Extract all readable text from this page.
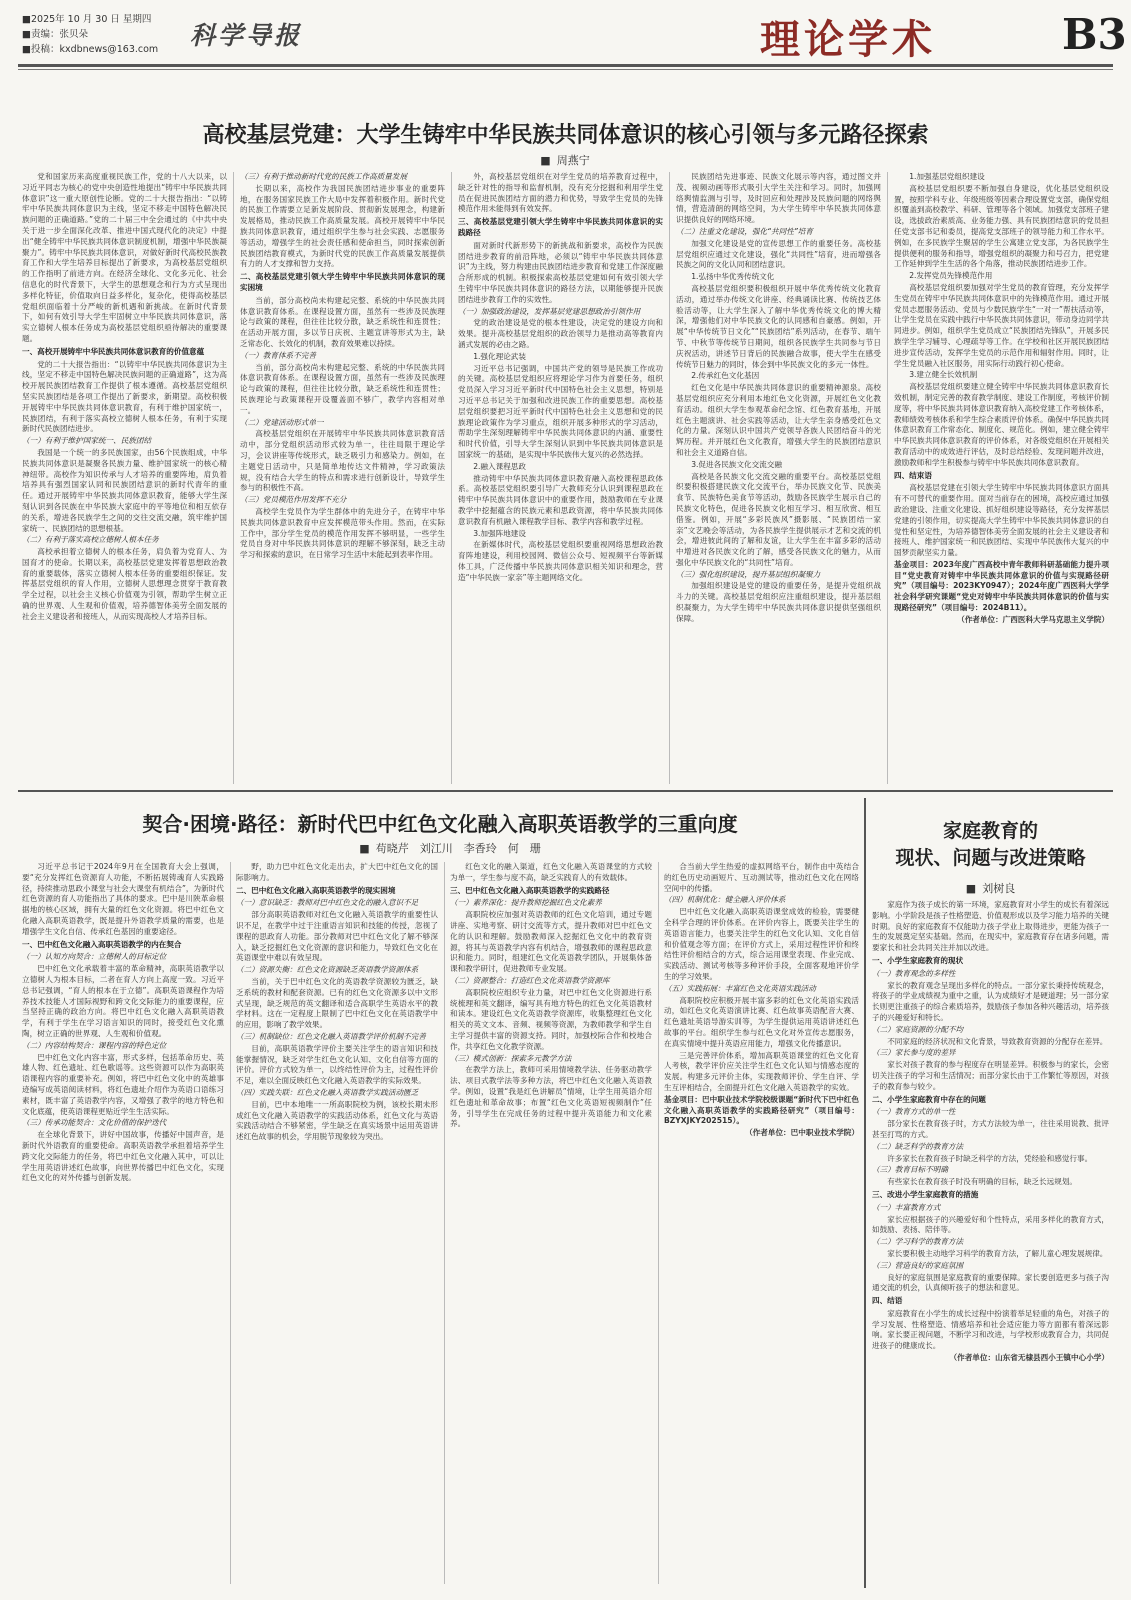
■2025年 10 月 30 日 星期四
■责编：张贝朵
■投稿：kxdbnews@163.com 科学导报	理论学术	B3
高校基层党建：大学生铸牢中华民族共同体意识的核心引领与多元路径探索
■ 周燕宁

党和国家历来高度重视民族工作，党的十八大以来，以习近平同志为核心的党中央创造性地提出“铸牢中华民族共同体意识”这一重大原创性论断。党的二十大报告指出：“以铸牢中华民族共同体意识为主线，坚定不移走中国特色解决民族问题的正确道路。”党的二十届三中全会通过的《中共中央关于进一步全面深化改革、推进中国式现代化的决定》中提出“健全铸牢中华民族共同体意识制度机制，增强中华民族凝聚力”。铸牢中华民族共同体意识，对做好新时代高校民族教育工作和大学生培养目标提出了新要求，为高校基层党组织的工作指明了前进方向。在经济全球化、文化多元化、社会信息化的时代背景下，大学生的思想观念和行为方式呈现出多样化特征，价值取向日益多样化，复杂化，使得高校基层党组织面临着十分严峻的新机遇和新挑战。在新时代背景下，如何有效引导大学生牢固树立中华民族共同体意识，落实立德树人根本任务成为高校基层党组织亟待解决的重要课题。

一、高校开展铸牢中华民族共同体意识教育的价值意蕴

党的二十大报告指出：“以铸牢中华民族共同体意识为主线，坚定不移走中国特色解决民族问题的正确道路”，这为高校开展民族团结教育工作提供了根本遵循。高校基层党组织坚实民族团结是各项工作提出了新要求，新期望。高校积极开展铸牢中华民族共同体意识教育，有利于维护国家统一，民族团结，有利于落实高校立德树人根本任务，有利于实现新时代民族团结进步。

（一）有利于维护国家统一、民族团结

我国是一个统一的多民族国家，由56个民族组成，中华民族共同体意识是凝聚各民族力量、维护国家统一的核心精神纽带。高校作为知识传承与人才培养的重要阵地，肩负着培养具有强烈国家认同和民族团结意识的新时代青年的重任。通过开展铸牢中华民族共同体意识教育，能够大学生深刻认识到各民族在中华民族大家庭中的平等地位和相互依存的关系，增进各民族学生之间的交往交流交融，筑牢维护国家统一、民族团结的思想根基。

（二）有利于落实高校立德树人根本任务

高校承担着立德树人的根本任务，肩负着为党育人、为国育才的使命。长期以来，高校基层党建发挥着思想政治教育的重要载体，落实立德树人根本任务的重要组织保证。发挥基层党组织的育人作用，立德树人思想理念贯穿于教育教学全过程，以社会主义核心价值观为引领，帮助学生树立正确的世界观、人生观和价值观，培养德智体美劳全面发展的社会主义建设者和接班人，从而实现高校人才培养目标。

（三）有利于推动新时代党的民族工作高质量发展

长期以来，高校作为我国民族团结进步事业的重要阵地，在服务国家民族工作大局中发挥着积极作用。新时代党的民族工作需要立足新发展阶段、贯彻新发展理念，构建新发展格局，推动民族工作高质量发展。高校开展铸牢中华民族共同体意识教育，通过组织学生参与社会实践、志愿服务等活动，增强学生的社会责任感和使命担当，同时探索创新民族团结教育模式，为新时代党的民族工作高质量发展提供有力的人才支撑和智力支持。

二、高校基层党建引领大学生铸牢中华民族共同体意识的现实困境

当前，部分高校尚未构建起完整、系统的中华民族共同体意识教育体系。在课程设置方面，虽然有一些涉及民族理论与政策的课程，但往往比较分散，缺乏系统性和连贯性；在活动开展方面，多以节日庆祝、主题宣讲等形式为主，缺乏常态化、长效化的机制，教育效果难以持续。

（一）教育体系不完善

当前，部分高校尚未构建起完整、系统的中华民族共同体意识教育体系。在课程设置方面，虽然有一些涉及民族理论与政策的课程，但往往比较分散，缺乏系统性和连贯性；民族理论与政策课程开设覆盖面不够广，教学内容相对单一。

（二）党建活动形式单一

高校基层党组织在开展铸牢中华民族共同体意识教育活动中，部分党组织活动形式较为单一，往往局限于理论学习，会议讲座等传统形式，缺乏吸引力和感染力。例如，在主题党日活动中，只是简单地传达文件精神，学习政策法规，没有结合大学生的特点和需求进行创新设计，导致学生参与的积极性不高。

（三）党员模范作用发挥不充分

高校学生党员作为学生群体中的先进分子，在铸牢中华民族共同体意识教育中应发挥模范带头作用。然而，在实际工作中，部分学生党员的模范作用发挥不够明显，一些学生党员自身对中华民族共同体意识的理解不够深刻，缺乏主动学习和探索的意识，在日常学习生活中未能起到表率作用。

外，高校基层党组织在对学生党员的培养教育过程中，缺乏针对性的指导和监督机制，没有充分挖掘和利用学生党员在促进民族团结方面的潜力和优势，导致学生党员的先锋模范作用未能得到有效发挥。

三、高校基层党建引领大学生铸牢中华民族共同体意识的实践路径

面对新时代新形势下的新挑战和新要求，高校作为民族团结进步教育的前沿阵地，必须以“铸牢中华民族共同体意识”为主线，努力构建由民族团结进步教育和党建工作深度融合所形成的机制。积极探索高校基层党建如何有效引领大学生铸牢中华民族共同体意识的路径方法，以期能够提升民族团结进步教育工作的实效性。

（一）加强政治建设，发挥基层党建思想政治引领作用

党的政治建设是党的根本性建设，决定党的建设方向和效果。提升高校基层党组织的政治领导力是推动高等教育内涵式发展的必由之路。

1.强化理论武装

习近平总书记强调，中国共产党的领导是民族工作成功的关键。高校基层党组织应将理论学习作为首要任务，组织党员深入学习习近平新时代中国特色社会主义思想，特别是习近平总书记关于加强和改进民族工作的重要思想。高校基层党组织要把习近平新时代中国特色社会主义思想和党的民族理论政策作为学习重点，组织开展多种形式的学习活动，帮助学生深刻理解铸牢中华民族共同体意识的内涵、重要性和时代价值，引导大学生深刻认识到中华民族共同体意识是国家统一的基础，是实现中华民族伟大复兴的必然选择。

2.融入课程思政

推动铸牢中华民族共同体意识教育融入高校课程思政体系。高校基层党组织要引导广大教师充分认识到课程思政在铸牢中华民族共同体意识中的重要作用，鼓励教师在专业课教学中挖掘蕴含的民族元素和思政资源，将中华民族共同体意识教育有机融入课程教学目标、教学内容和教学过程。

3.加强阵地建设

在新媒体时代，高校基层党组织要重视网络思想政治教育阵地建设，利用校园网、微信公众号、短视频平台等新媒体工具，广泛传播中华民族共同体意识相关知识和理念，营造“中华民族一家亲”等主题网络文化。

民族团结先进事迹、民族文化展示等内容，通过图文并茂、视频动画等形式吸引大学生关注和学习。同时，加强网络舆情监测与引导，及时回应和处理涉及民族问题的网络舆情，营造清朗的网络空间，为大学生铸牢中华民族共同体意识提供良好的网络环境。

（二）注重文化建设，强化“共同性”培育

加强文化建设是党的宣传思想工作的重要任务。高校基层党组织应通过文化建设，强化“共同性”培育，进而增强各民族之间的文化认同和团结意识。

1.弘扬中华优秀传统文化

高校基层党组织要积极组织开展中华优秀传统文化教育活动，通过举办传统文化讲座、经典诵读比赛、传统技艺体验活动等，让大学生深入了解中华优秀传统文化的博大精深，增强他们对中华民族文化的认同感和自豪感。例如，开展“中华传统节日文化”“民族团结”系列活动，在春节、端午节、中秋节等传统节日期间，组织各民族学生共同参与节日庆祝活动，讲述节日背后的民族融合故事，使大学生在感受传统节日魅力的同时，体会到中华民族文化的多元一体性。

2.传承红色文化基因

红色文化是中华民族共同体意识的重要精神源泉。高校基层党组织应充分利用本地红色文化资源，开展红色文化教育活动。组织大学生参观革命纪念馆、红色教育基地，开展红色主题演讲、社会实践等活动，让大学生亲身感受红色文化的力量。深刻认识中国共产党领导各族人民团结奋斗的光辉历程。并开展红色文化教育，增强大学生的民族团结意识和社会主义道路自信。

3.促进各民族文化交流交融

高校是各民族文化交流交融的重要平台。高校基层党组织要积极搭建民族文化交流平台，举办民族文化节、民族美食节、民族特色美食节等活动，鼓励各民族学生展示自己的民族文化特色，促进各民族文化相互学习、相互欣赏、相互借鉴。例如，开展“多彩民族风”摄影展、“民族团结一家亲”文艺晚会等活动，为各民族学生提供展示才艺和交流的机会，增进彼此间的了解和友谊，让大学生在丰富多彩的活动中增进对各民族文化的了解，感受各民族文化的魅力，从而强化中华民族文化的“共同性”培育。

（三）强化组织建设，提升基层组织凝聚力

加强组织建设是党的建设的重要任务，是提升党组织战斗力的关键。高校基层党组织应注重组织建设，提升基层组织凝聚力，为大学生铸牢中华民族共同体意识提供坚强组织保障。

1.加强基层党组织建设

高校基层党组织要不断加强自身建设，优化基层党组织设置，按照学科专业、年级班级等因素合理设置党支部，确保党组织覆盖到高校教学、科研、管理等各个领域。加强党支部班子建设，选拔政治素质高、业务能力强、具有民族团结意识的党员担任党支部书记和委员，提高党支部班子的领导能力和工作水平。例如，在多民族学生聚居的学生公寓建立党支部，为各民族学生提供便利的服务和指导，增强党组织的凝聚力和号召力，把党建工作延伸到学生生活的各个角落，推动民族团结进步工作。

2.发挥党员先锋模范作用

高校基层党组织要加强对学生党员的教育管理，充分发挥学生党员在铸牢中华民族共同体意识中的先锋模范作用。通过开展党员志愿服务活动、党员与少数民族学生“一对一”帮扶活动等，让学生党员在实践中践行中华民族共同体意识，带动身边同学共同进步。例如，组织学生党员成立“民族团结先锋队”，开展多民族学生学习辅导、心理疏导等工作。在学校和社区开展民族团结进步宣传活动，发挥学生党员的示范作用和辐射作用。同时，让学生党员融入社区服务，用实际行动践行初心使命。

3.建立健全长效机制

高校基层党组织要建立健全铸牢中华民族共同体意识教育长效机制，制定完善的教育教学制度、建设工作制度，考核评价制度等，将中华民族共同体意识教育纳入高校党建工作考核体系，教师绩效考核体系和学生综合素质评价体系。确保中华民族共同体意识教育工作常态化、制度化、规范化。例如，建立健全铸牢中华民族共同体意识教育的评价体系，对各级党组织在开展相关教育活动中的成效进行评估，及时总结经验、发现问题并改进，激励教师和学生积极参与铸牢中华民族共同体意识教育。

四、结束语

高校基层党建在引领大学生铸牢中华民族共同体意识方面具有不可替代的重要作用。面对当前存在的困境，高校应通过加强政治建设、注重文化建设、抓好组织建设等路径，充分发挥基层党建的引领作用，切实提高大学生铸牢中华民族共同体意识的自觉性和坚定性，为培养德智体美劳全面发展的社会主义建设者和接班人、维护国家统一和民族团结、实现中华民族伟大复兴的中国梦贡献坚实力量。

基金项目：2023年度广西高校中青年教师科研基础能力提升项目“党史教育对铸牢中华民族共同体意识的价值与实现路径研究”（项目编号：2023KY0947）；2024年度广西医科大学学社会科学研究课题“党史对铸牢中华民族共同体意识的价值与实现路径研究”（项目编号：2024B11）。

（作者单位：广西医科大学马克思主义学院）

契合·困境·路径：新时代巴中红色文化融入高职英语教学的三重向度
■ 苟晓芹　刘江川　李香玲　何　珊

习近平总书记于2024年9月在全国教育大会上强调，要“充分发挥红色资源育人功能，不断拓展铸魂育人实践路径，持续推动思政小课堂与社会大课堂有机结合”，为新时代红色资源的育人功能指出了具体的要求。巴中是川陕革命根据地的核心区域，拥有大量的红色文化资源。将巴中红色文化融入高职英语教学，既是提升外语教学质量的需要，也是增强学生文化自信、传承红色基因的重要途径。

一、巴中红色文化融入高职英语教学的内在契合

（一）认知方向契合：立德树人的目标定位

巴中红色文化承载着丰富的革命精神，高职英语教学以立德树人为根本目标，二者在育人方向上高度一致。习近平总书记强调，“育人的根本在于立德”。高职英语课程作为培养技术技能人才国际视野和跨文化交际能力的重要课程，应当坚持正确的政治方向。将巴中红色文化融入高职英语教学，有利于学生在学习语言知识的同时，接受红色文化熏陶，树立正确的世界观、人生观和价值观。

（二）内容结构契合：课程内容的特色定位

巴中红色文化内容丰富，形式多样，包括革命历史、英雄人物、红色遗址、红色歌谣等。这些资源可以作为高职英语课程内容的重要补充。例如，将巴中红色文化中的英雄事迹编写成英语阅读材料，将红色遗址介绍作为英语口语练习素材，既丰富了英语教学内容，又增强了教学的地方特色和文化底蕴，使英语课程更贴近学生生活实际。

（三）传承功能契合：文化价值的保护迭代

在全球化背景下，讲好中国故事，传播好中国声音，是新时代外语教育的重要使命。高职英语教学承担着培养学生跨文化交际能力的任务，将巴中红色文化融入其中，可以让学生用英语讲述红色故事，向世界传播巴中红色文化，实现红色文化的对外传播与创新发展。

野，助力巴中红色文化走出去，扩大巴中红色文化的国际影响力。

二、巴中红色文化融入高职英语教学的现实困境

（一）意识缺乏：教师对巴中红色文化的融入意识不足

部分高职英语教师对红色文化融入英语教学的重要性认识不足，在教学中过于注重语言知识和技能的传授，忽视了课程的思政育人功能。部分教师对巴中红色文化了解不够深入，缺乏挖掘红色文化资源的意识和能力，导致红色文化在英语课堂中难以有效呈现。

（二）资源失衡：红色文化资源缺乏英语教学资源体系

当前，关于巴中红色文化的英语教学资源较为匮乏，缺乏系统的教材和配套资源。已有的红色文化资源多以中文形式呈现，缺乏规范的英文翻译和适合高职学生英语水平的教学材料。这在一定程度上限制了巴中红色文化在英语教学中的应用，影响了教学效果。

（三）机制缺位：红色文化融入英语教学评价机制不完善

目前，高职英语教学评价主要关注学生的语言知识和技能掌握情况，缺乏对学生红色文化认知、文化自信等方面的评价。评价方式较为单一，以终结性评价为主，过程性评价不足，难以全面反映红色文化融入英语教学的实际效果。

（四）实践失联：红色文化融入英语教学实践活动匮乏

目前，巴中本地唯一一所高职院校为例，该校长期未形成红色文化融入英语教学的实践活动体系，红色文化与英语实践活动结合不够紧密，学生缺乏在真实场景中运用英语讲述红色故事的机会，学用脱节现象较为突出。

红色文化的融入渠道，红色文化融入英语课堂的方式较为单一，学生参与度不高，缺乏实践育人的有效载体。

三、巴中红色文化融入高职英语教学的实践路径

（一）素养深化：提升教师挖掘红色文化素养

高职院校应加强对英语教师的红色文化培训，通过专题讲座、实地考察、研讨交流等方式，提升教师对巴中红色文化的认识和理解。鼓励教师深入挖掘红色文化中的教育资源，将其与英语教学内容有机结合，增强教师的课程思政意识和能力。同时，组建红色文化英语教学团队，开展集体备课和教学研讨，促进教师专业发展。

（二）资源整合：打造红色文化英语教学资源库

高职院校应组织专业力量，对巴中红色文化资源进行系统梳理和英文翻译，编写具有地方特色的红色文化英语教材和读本。建设红色文化英语教学资源库，收集整理红色文化相关的英文文本、音频、视频等资源，为教师教学和学生自主学习提供丰富的资源支持。同时，加强校际合作和校地合作，共享红色文化教学资源。

（三）模式创新：探索多元教学方法

在教学方法上，教师可采用情境教学法、任务驱动教学法、项目式教学法等多种方法，将巴中红色文化融入英语教学。例如，设置“我是红色讲解员”情境，让学生用英语介绍红色遗址和革命故事；布置“红色文化英语短视频制作”任务，引导学生在完成任务的过程中提升英语能力和文化素养。

合当前大学生热爱的虚拟网络平台，制作由中英结合的红色历史动画短片、互动测试等，推动红色文化在网络空间中的传播。

（四）机制优化：健全融入评价体系

巴中红色文化融入高职英语课堂成效的检验，需要健全科学合理的评价体系。在评价内容上，既要关注学生的英语语言能力，也要关注学生的红色文化认知、文化自信和价值观念等方面；在评价方式上，采用过程性评价和终结性评价相结合的方式，综合运用课堂表现、作业完成、实践活动、测试考核等多种评价手段，全面客观地评价学生的学习效果。

（五）实践拓展：丰富红色文化英语实践活动

高职院校应积极开展丰富多彩的红色文化英语实践活动，如红色文化英语演讲比赛、红色故事英语配音大赛、红色遗址英语导游实训等，为学生提供运用英语讲述红色故事的平台。组织学生参与红色文化对外宣传志愿服务，在真实情境中提升英语应用能力，增强文化传播意识。

三是完善评价体系，增加高职英语课堂的红色文化育人考核，教学评价应关注学生红色文化认知与情感态度的发展。构建多元评价主体，实现教师评价、学生自评、学生互评相结合，全面提升红色文化融入英语教学的实效。

基金项目：巴中职业技术学院校级课题“新时代下巴中红色文化融入高职英语教学的实践路径研究”（项目编号：BZYXJKY202515）。

（作者单位：巴中职业技术学院）

家庭教育的
现状、问题与改进策略
■ 刘树良

家庭作为孩子成长的第一环境，家庭教育对小学生的成长有着深远影响。小学阶段是孩子性格塑造、价值观形成以及学习能力培养的关键时期。良好的家庭教育不仅能助力孩子学业上取得进步，更能为孩子一生的发展奠定坚实基础。然而，在现实中，家庭教育存在诸多问题，需要家长和社会共同关注并加以改进。

一、小学生家庭教育的现状

（一）教育观念的多样性

家长的教育观念呈现出多样化的特点。一部分家长秉持传统观念，将孩子的学业成绩视为重中之重，认为成绩好才是硬道理；另一部分家长则更注重孩子的综合素质培养，鼓励孩子参加各种兴趣活动，培养孩子的兴趣爱好和特长。

（二）家庭资源的分配不均

不同家庭的经济状况和文化背景，导致教育资源的分配存在差异。

（三）家长参与度的差异

家长对孩子教育的参与程度存在明显差异。积极参与的家长，会密切关注孩子的学习和生活情况；而部分家长由于工作繁忙等原因，对孩子的教育参与较少。

二、小学生家庭教育中存在的问题

（一）教育方式的单一性

部分家长在教育孩子时，方式方法较为单一，往往采用说教、批评甚至打骂的方式。

（二）缺乏科学的教育方法

许多家长在教育孩子时缺乏科学的方法，凭经验和感觉行事。

（三）教育目标不明确

有些家长在教育孩子时没有明确的目标，缺乏长远规划。

三、改进小学生家庭教育的措施

（一）丰富教育方式

家长应根据孩子的兴趣爱好和个性特点，采用多样化的教育方式，如鼓励、表扬、陪伴等。

（二）学习科学的教育方法

家长要积极主动地学习科学的教育方法，了解儿童心理发展规律。

（三）营造良好的家庭氛围

良好的家庭氛围是家庭教育的重要保障。家长要创造更多与孩子沟通交流的机会，认真倾听孩子的想法和意见。

四、结语

家庭教育在小学生的成长过程中扮演着举足轻重的角色，对孩子的学习发展、性格塑造、情感培养和社会适应能力等方面都有着深远影响。家长要正视问题，不断学习和改进，与学校形成教育合力，共同促进孩子的健康成长。

（作者单位：山东省无棣县西小王镇中心小学）
